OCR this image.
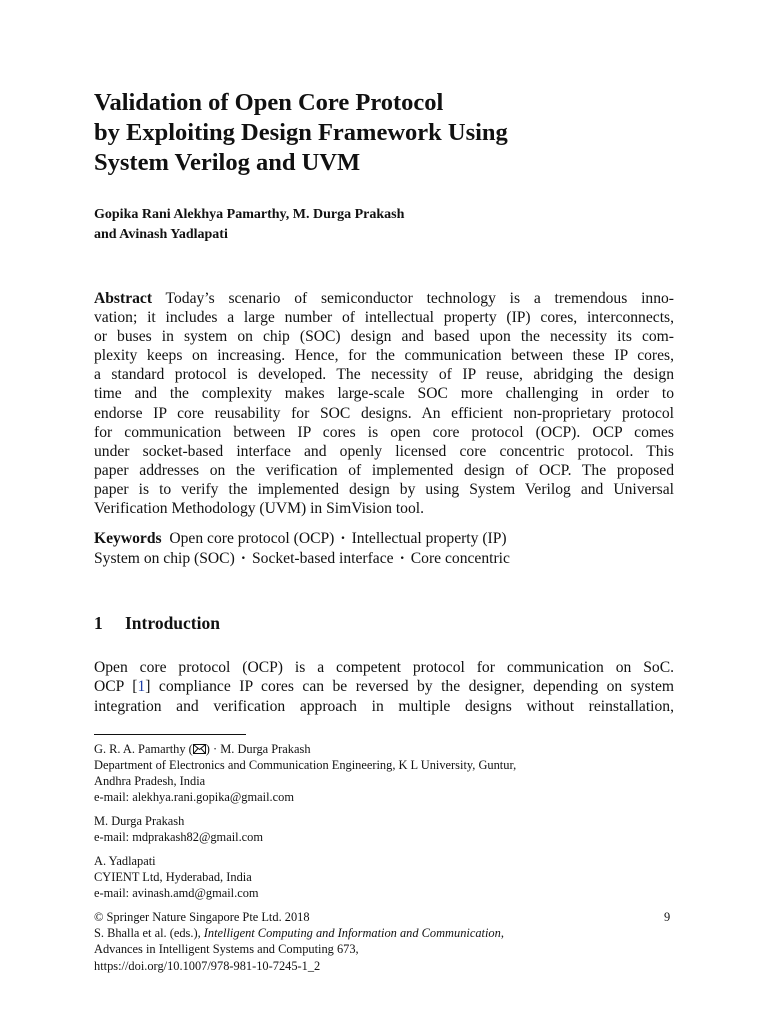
Validation of Open Core Protocol
by Exploiting Design Framework Using
System Verilog and UVM
Gopika Rani Alekhya Pamarthy, M. Durga Prakash
and Avinash Yadlapati
Abstract Today’s scenario of semiconductor technology is a tremendous inno-
vation; it includes a large number of intellectual property (IP) cores, interconnects,
or buses in system on chip (SOC) design and based upon the necessity its com-
plexity keeps on increasing. Hence, for the communication between these IP cores,
a standard protocol is developed. The necessity of IP reuse, abridging the design
time and the complexity makes large-scale SOC more challenging in order to
endorse IP core reusability for SOC designs. An efficient non-proprietary protocol
for communication between IP cores is open core protocol (OCP). OCP comes
under socket-based interface and openly licensed core concentric protocol. This
paper addresses on the verification of implemented design of OCP. The proposed
paper is to verify the implemented design by using System Verilog and Universal
Verification Methodology (UVM) in SimVision tool.
Keywords Open core protocol (OCP) · Intellectual property (IP)
System on chip (SOC) · Socket-based interface · Core concentric
1 Introduction
Open core protocol (OCP) is a competent protocol for communication on SoC.
OCP [1] compliance IP cores can be reversed by the designer, depending on system
integration and verification approach in multiple designs without reinstallation,
G. R. A. Pamarthy ( ) · M. Durga Prakash
Department of Electronics and Communication Engineering, K L University, Guntur,
Andhra Pradesh, India
e-mail: alekhya.rani.gopika@gmail.com
M. Durga Prakash
e-mail: mdprakash82@gmail.com
A. Yadlapati
CYIENT Ltd, Hyderabad, India
e-mail: avinash.amd@gmail.com
© Springer Nature Singapore Pte Ltd. 2018
S. Bhalla et al. (eds.), Intelligent Computing and Information and Communication,
Advances in Intelligent Systems and Computing 673,
https://doi.org/10.1007/978-981-10-7245-1_2
9
